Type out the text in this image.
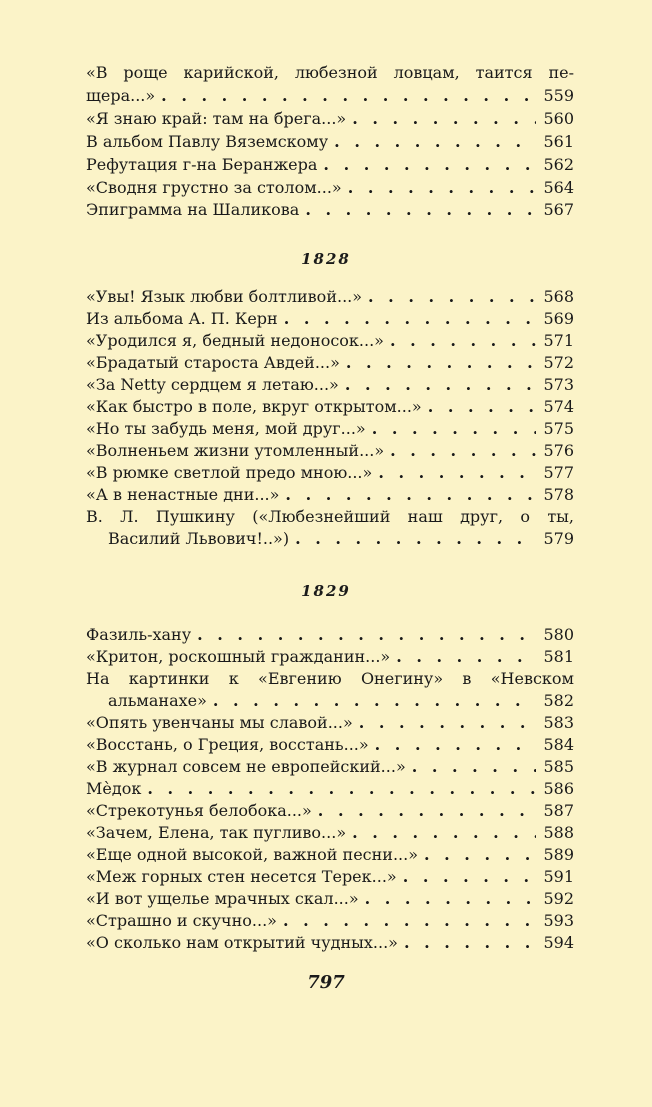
«В роще карийской, любезной ловцам, таится пе-
щера...» . . .	559
«Я знаю край: там на брега...» . . .	560
В альбом Павлу Вяземскому . . .	561
Рефутация г-на Беранжера . . .	562
«Сводня грустно за столом...» . . .	564
Эпиграмма на Шаликова . . .	567
1828
«Увы! Язык любви болтливой...» . . .	568
Из альбома А. П. Керн . . .	569
«Уродился я, бедный недоносок...» . . .	571
«Брадатый староста Авдей...» . . .	572
«За Netty сердцем я летаю...» . . .	573
«Как быстро в поле, вкруг открытом...» . . .	574
«Но ты забудь меня, мой друг...» . . .	575
«Волненьем жизни утомленный...» . . .	576
«В рюмке светлой предо мною...» . . .	577
«А в ненастные дни...» . . .	578
В. Л. Пушкину («Любезнейший наш друг, о ты,
Василий Львович!..») . . .	579
1829
Фазиль-хану . . .	580
«Критон, роскошный гражданин...» . . .	581
На картинки к «Евгению Онегину» в «Невском
альманахе» . . .	582
«Опять увенчаны мы славой...» . . .	583
«Восстань, о Греция, восстань...» . . .	584
«В журнал совсем не европейский...» . . .	585
Мѐдок . . .	586
«Стрекотунья белобока...» . . .	587
«Зачем, Елена, так пугливо...» . . .	588
«Еще одной высокой, важной песни...» . . .	589
«Меж горных стен несется Терек...» . . .	591
«И вот ущелье мрачных скал...» . . .	592
«Страшно и скучно...» . . .	593
«О сколько нам открытий чудных...» . . .	594
797
